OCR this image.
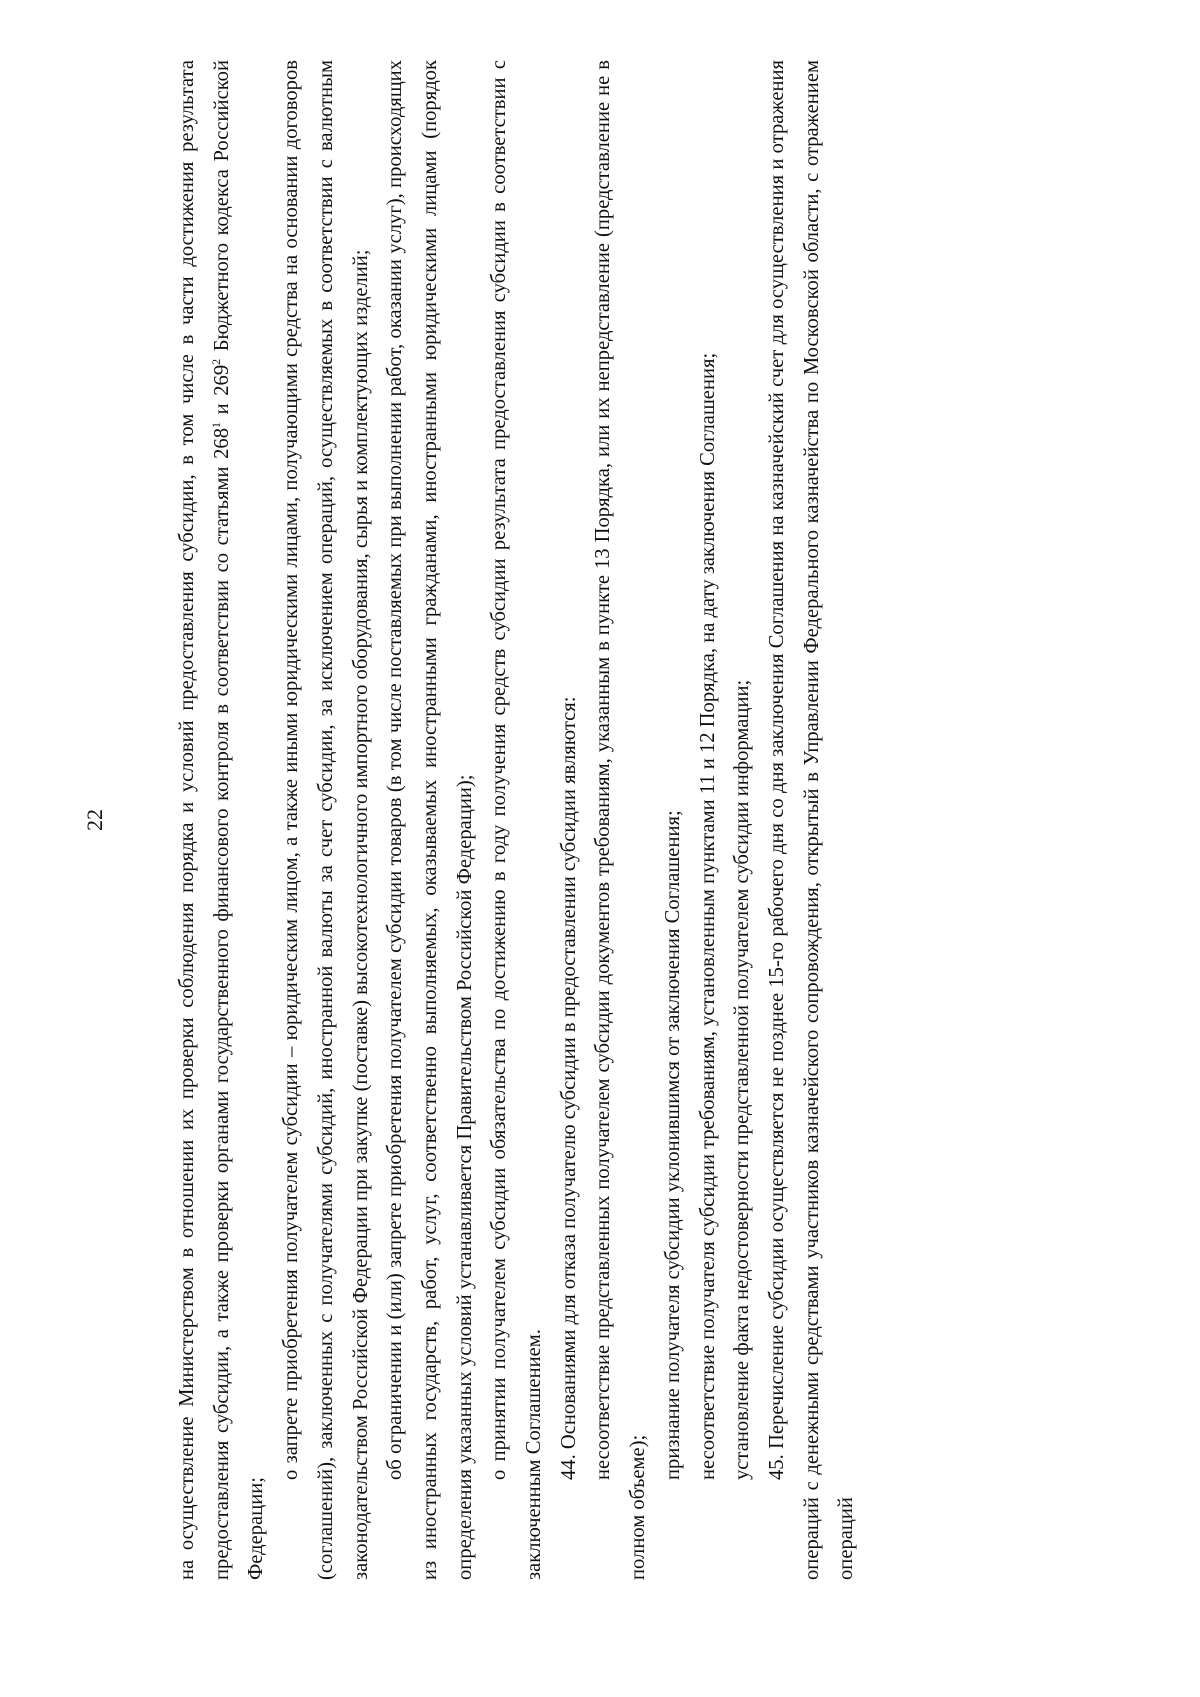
22	на осуществление Министерством в отношении их проверки соблюдения порядка и условий предоставления субсидии, в том числе в части достижения результата предоставления субсидии, а также проверки органами государственного финансового контроля в соответствии со статьями $268^1$ и $269^2$ Бюджетного кодекса Российской Федерации;

о запрете приобретения получателем субсидии – юридическим лицом, а также иными юридическими лицами, получающими средства на основании договоров (соглашений), заключенных с получателями субсидий, иностранной валюты за счет субсидии, за исключением операций, осуществляемых в соответствии с валютным законодательством Российской Федерации при закупке (поставке) высокотехнологичного импортного оборудования, сырья и комплектующих изделий; об ограничении и (или) запрете приобретения получателем субсидии товаров (в том числе поставляемых при выполнении работ, оказании услуг), происходящих из иностранных государств, работ, услуг, соответственно выполняемых, оказываемых иностранными гражданами, иностранными юридическими лицами (порядок определения указанных условий устанавливается Правительством Российской Федерации); о принятии получателем субсидии обязательства по достижению в году получения средств субсидии результата предоставления субсидии в соответствии с заключенным Соглашением. 44. Основаниями для отказа получателю субсидии в предоставлении субсидии являются: несоответствие представленных получателем субсидии документов требованиям, указанным в пункте 13 Порядка, или их непредставление (представление не в полном объеме);

признание получателя субсидии уклонившимся от заключения Соглашения; несоответствие получателя субсидии требованиям, установленным пунктами 11 и 12 Порядка, на дату заключения Соглашения; установление факта недостоверности представленной получателем субсидии информации; 45. Перечисление субсидии осуществляется не позднее 15-го рабочего дня со дня заключения Соглашения на казначейский счет для осуществления и отражения операций с денежными средствами участников казначейского сопровождения, открытый в Управлении Федерального казначейства по Московской области, с отражением операций
